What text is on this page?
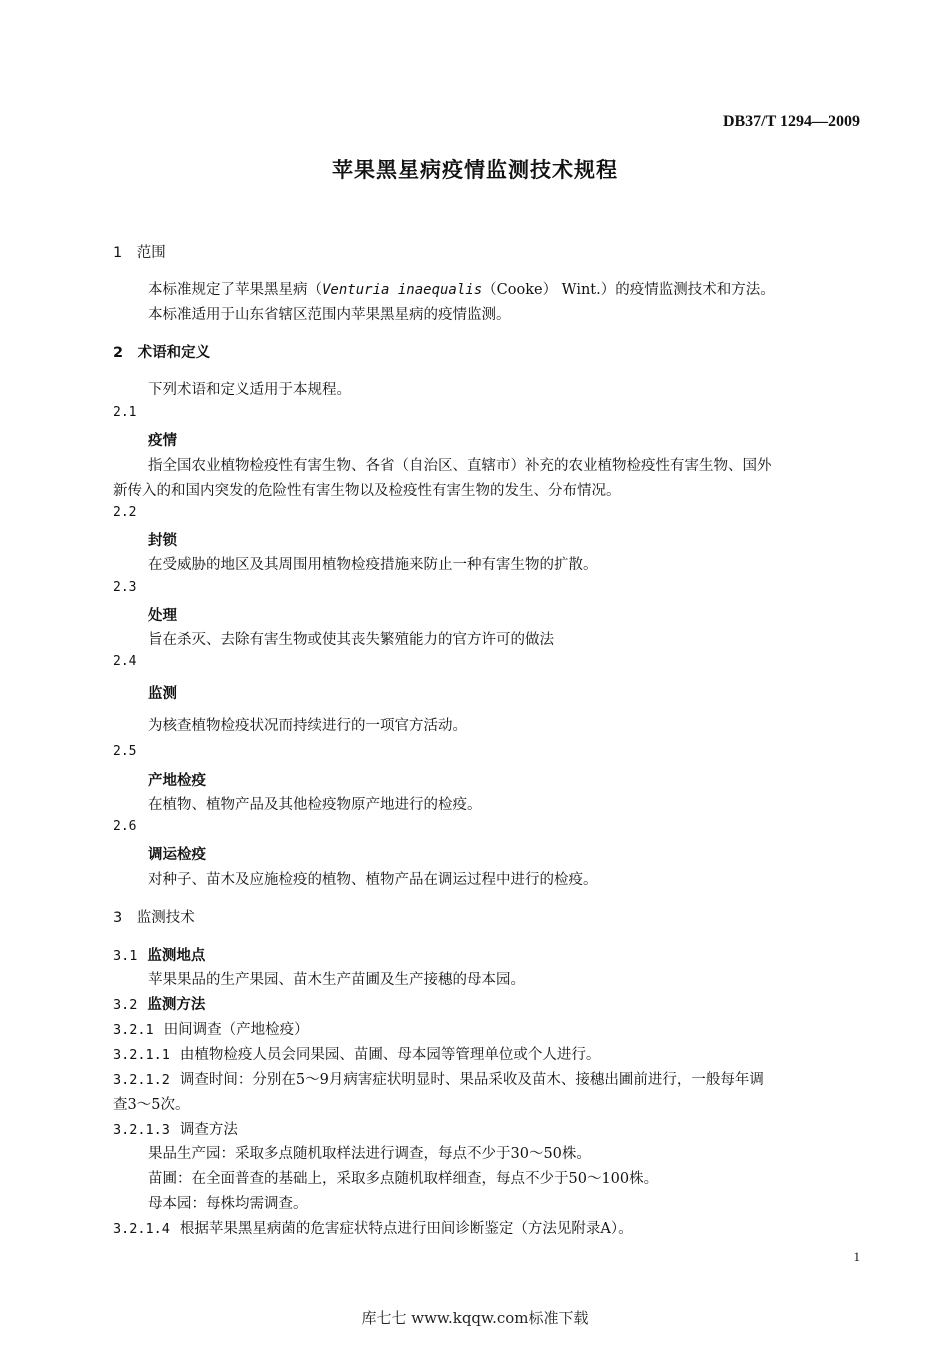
DB37/T 1294—2009
苹果黑星病疫情监测技术规程
1　范围
本标准规定了苹果黑星病（Venturia inaequalis（Cooke） Wint.）的疫情监测技术和方法。
本标准适用于山东省辖区范围内苹果黑星病的疫情监测。
2　术语和定义
下列术语和定义适用于本规程。
2.1
疫情
指全国农业植物检疫性有害生物、各省（自治区、直辖市）补充的农业植物检疫性有害生物、国外
新传入的和国内突发的危险性有害生物以及检疫性有害生物的发生、分布情况。
2.2
封锁
在受威胁的地区及其周围用植物检疫措施来防止一种有害生物的扩散。
2.3
处理
旨在杀灭、去除有害生物或使其丧失繁殖能力的官方许可的做法
2.4
监测
为核查植物检疫状况而持续进行的一项官方活动。
2.5
产地检疫
在植物、植物产品及其他检疫物原产地进行的检疫。
2.6
调运检疫
对种子、苗木及应施检疫的植物、植物产品在调运过程中进行的检疫。
3　监测技术
3.1 监测地点
苹果果品的生产果园、苗木生产苗圃及生产接穗的母本园。
3.2 监测方法
3.2.1 田间调查（产地检疫）
3.2.1.1 由植物检疫人员会同果园、苗圃、母本园等管理单位或个人进行。
3.2.1.2 调查时间：分别在5～9月病害症状明显时、果品采收及苗木、接穗出圃前进行，一般每年调
查3～5次。
3.2.1.3 调查方法
果品生产园：采取多点随机取样法进行调查，每点不少于30～50株。
苗圃：在全面普查的基础上，采取多点随机取样细查，每点不少于50～100株。
母本园：每株均需调查。
3.2.1.4 根据苹果黑星病菌的危害症状特点进行田间诊断鉴定（方法见附录A）。
1
库七七 www.kqqw.com标准下载
